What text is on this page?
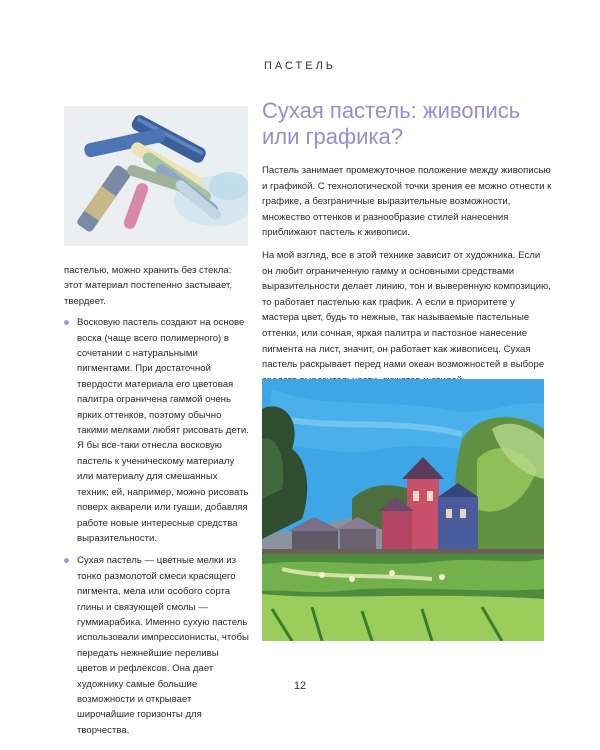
ПАСТЕЛЬ

пастелью, можно хранить без стекла: этот материал постепенно застывает, твердеет.

Восковую пастель создают на основе воска (чаще всего полимерного) в сочетании с натуральными пигментами. При достаточной твердости материала его цветовая палитра ограничена гаммой очень ярких оттенков, поэтому обычно такими мелками любят рисовать дети. Я бы все-таки отнесла восковую пастель к ученическому материалу или материалу для смешанных техник; ей, например, можно рисовать поверх акварели или гуаши, добавляя работе новые интересные средства выразительности.
Сухая пастель — цветные мелки из тонко размолотой смеси красящего пигмента, мела или особого сорта глины и связующей смолы — гуммиарабика. Именно сухую пастель использовали импрессионисты, чтобы передать нежнейшие переливы цветов и рефлексов. Она дает художнику самые большие возможности и открывает широчайшие горизонты для творчества.
Сухая пастель: живопись или графика?

Пастель занимает промежуточное положение между живописью и графикой. С технологической точки зрения ее можно отнести к графике, а безграничные выразительные возможности, множество оттенков и разнообразие стилей нанесения приближают пастель к живописи.

На мой взгляд, все в этой технике зависит от художника. Если он любит ограниченную гамму и основными средствами выразительности делает линию, тон и выверенную композицию, то работает пастелью как график. А если в приоритете у мастера цвет, будь то нежные, так называемые пастельные оттенки, или сочная, яркая палитра и пастозное нанесение пигмента на лист, значит, он работает как живописец. Сухая пастель раскрывает перед нами океан возможностей в выборе

12
